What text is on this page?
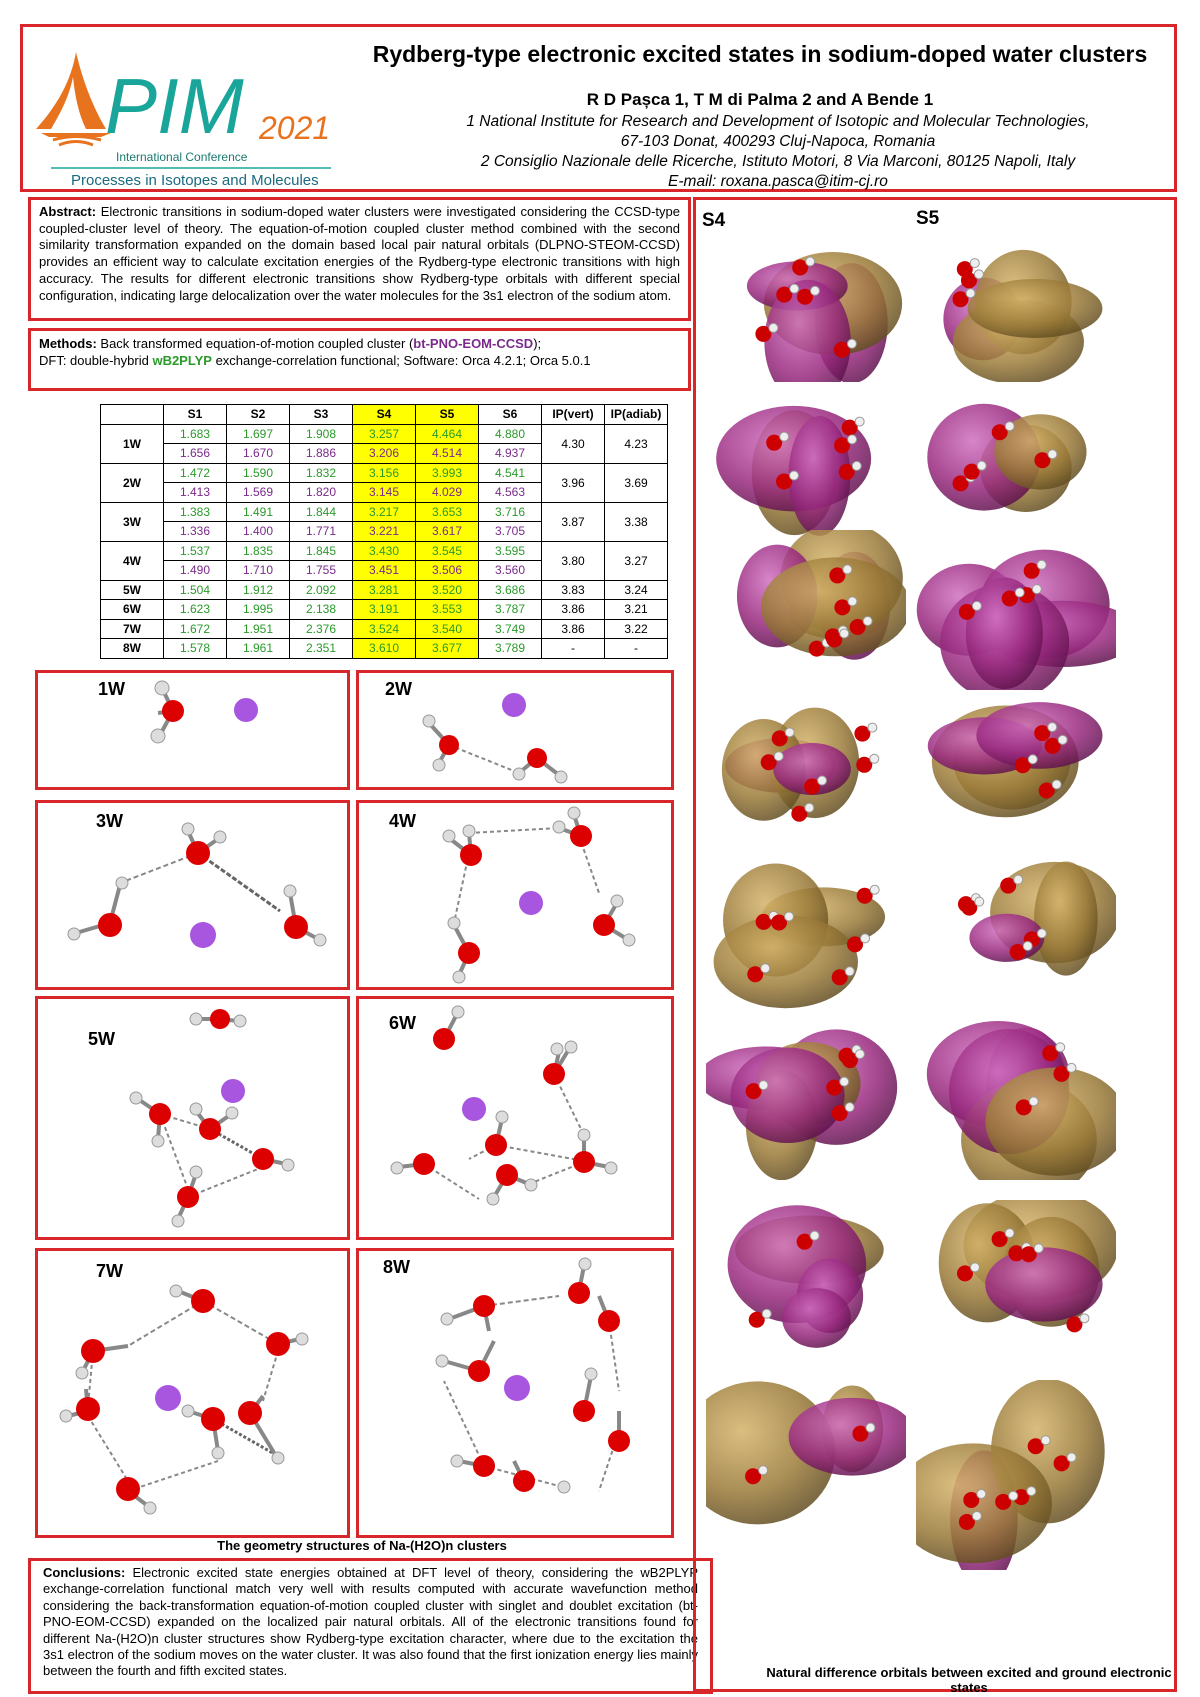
PIM 2021
International Conference
Processes in Isotopes and Molecules
Rydberg-type electronic excited states in sodium-doped water clusters
R D Pașca 1, T M di Palma 2 and A Bende 1
1 National Institute for Research and Development of Isotopic and Molecular Technologies,
67-103 Donat, 400293 Cluj-Napoca, Romania
2 Consiglio Nazionale delle Ricerche, Istituto Motori, 8 Via Marconi, 80125 Napoli, Italy
E-mail: roxana.pasca@itim-cj.ro
Abstract: Electronic transitions in sodium-doped water clusters were investigated considering the CCSD-type coupled-cluster level of theory. The equation-of-motion coupled cluster method combined with the second similarity transformation expanded on the domain based local pair natural orbitals (DLPNO-STEOM-CCSD) provides an efficient way to calculate excitation energies of the Rydberg-type electronic transitions with high accuracy. The results for different electronic transitions show Rydberg-type orbitals with different special configuration, indicating large delocalization over the water molecules for the 3s1 electron of the sodium atom.
Methods: Back transformed equation-of-motion coupled cluster (bt-PNO-EOM-CCSD);
DFT: double-hybrid wB2PLYP exchange-correlation functional; Software: Orca 4.2.1; Orca 5.0.1
	S1	S2	S3	S4	S5	S6	IP(vert)	IP(adiab)
1W	1.683	1.697	1.908	3.257	4.464	4.880	4.30	4.23
	1.656	1.670	1.886	3.206	4.514	4.937		
2W	1.472	1.590	1.832	3.156	3.993	4.541	3.96	3.69
	1.413	1.569	1.820	3.145	4.029	4.563		
3W	1.383	1.491	1.844	3.217	3.653	3.716	3.87	3.38
	1.336	1.400	1.771	3.221	3.617	3.705		
4W	1.537	1.835	1.845	3.430	3.545	3.595	3.80	3.27
	1.490	1.710	1.755	3.451	3.506	3.560		
5W	1.504	1.912	2.092	3.281	3.520	3.686	3.83	3.24
6W	1.623	1.995	2.138	3.191	3.553	3.787	3.86	3.21
7W	1.672	1.951	2.376	3.524	3.540	3.749	3.86	3.22
8W	1.578	1.961	2.351	3.610	3.677	3.789	-	-
1W	2W
3W	4W
5W
6W
7W	8W
The geometry structures of Na-(H2O)n clusters
Conclusions: Electronic excited state energies obtained at DFT level of theory, considering the wB2PLYP exchange-correlation functional match very well with results computed with accurate wavefunction method considering the back-transformation equation-of-motion coupled cluster with singlet and doublet excitation (bt-PNO-EOM-CCSD) expanded on the localized pair natural orbitals. All of the electronic transitions found for different Na-(H2O)n cluster structures show Rydberg-type excitation character, where due to the excitation the 3s1 electron of the sodium moves on the water cluster. It was also found that the first ionization energy lies mainly between the fourth and fifth excited states.
S4	S5
Natural difference orbitals between excited and ground electronic states
